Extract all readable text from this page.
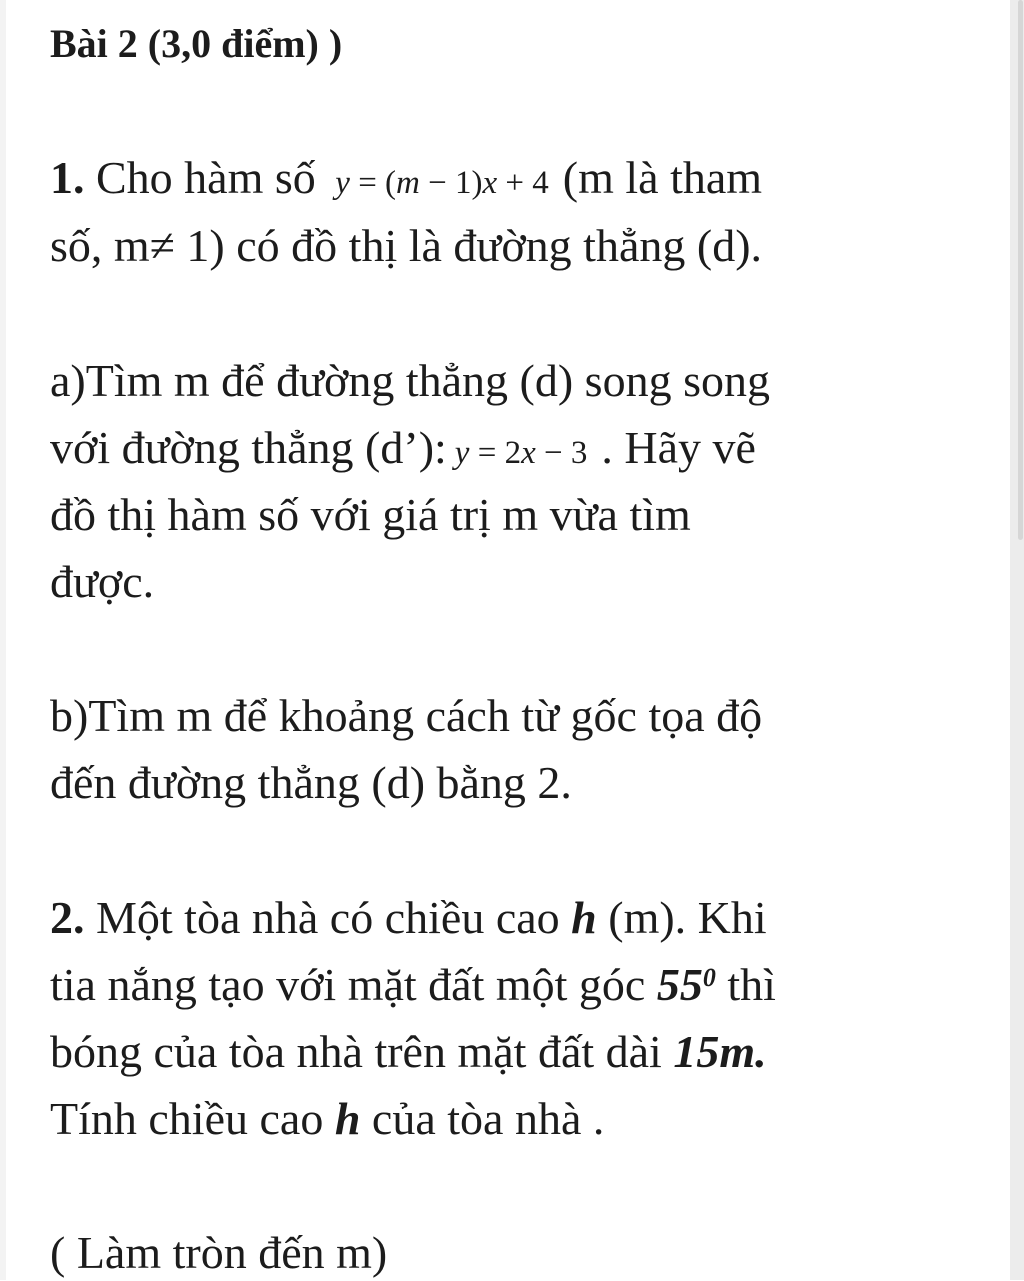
Bài 2 (3,0 điểm) )
1. Cho hàm số y = (m − 1)x + 4 (m là tham
số, m≠ 1) có đồ thị là đường thẳng (d).
a)Tìm m để đường thẳng (d) song song
với đường thẳng (d’): y = 2x − 3 . Hãy vẽ
đồ thị hàm số với giá trị m vừa tìm
được.
b)Tìm m để khoảng cách từ gốc tọa độ
đến đường thẳng (d) bằng 2.
2. Một tòa nhà có chiều cao h (m). Khi
tia nắng tạo với mặt đất một góc $55^0$ thì
bóng của tòa nhà trên mặt đất dài 15m.
Tính chiều cao h của tòa nhà .
( Làm tròn đến m)
